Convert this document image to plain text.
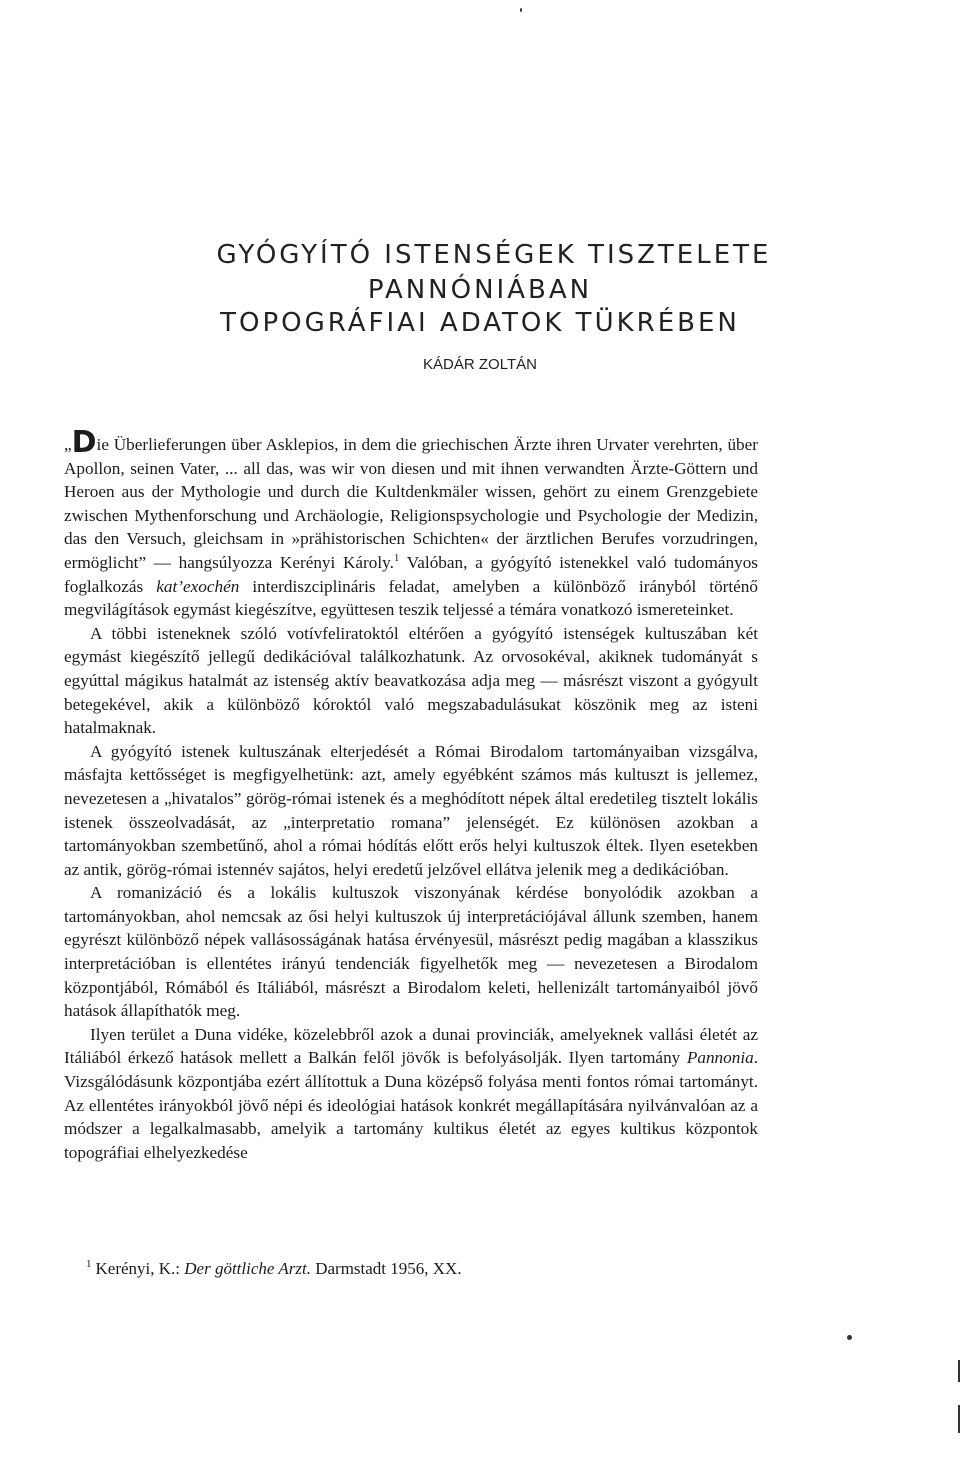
GYÓGYÍTÓ ISTENSÉGEK TISZTELETE
PANNÓNIÁBAN
TOPOGRÁFIAI ADATOK TÜKRÉBEN
KÁDÁR ZOLTÁN

„Die Überlieferungen über Asklepios, in dem die griechischen Ärzte ihren Urvater verehrten, über Apollon, seinen Vater, ... all das, was wir von diesen und mit ihnen verwandten Ärzte-Göttern und Heroen aus der Mythologie und durch die Kultdenkmäler wissen, gehört zu einem Grenzgebiete zwischen Mythenforschung und Archäologie, Religionspsychologie und Psychologie der Medizin, das den Versuch, gleichsam in »prähistorischen Schichten« der ärztlichen Berufes vorzudringen, ermöglicht” — hangsúlyozza Kerényi Károly.$^1$ Valóban, a gyógyító istenekkel való tudományos foglalkozás kat’exochén interdiszciplináris feladat, amelyben a különböző irányból történő megvilágítások egymást kiegészítve, együttesen teszik teljessé a témára vonatkozó ismereteinket.

A többi isteneknek szóló votívfeliratoktól eltérően a gyógyító istenségek kultuszában két egymást kiegészítő jellegű dedikációval találkozhatunk. Az orvosokéval, akiknek tudományát s egyúttal mágikus hatalmát az istenség aktív beavatkozása adja meg — másrészt viszont a gyógyult betegekével, akik a különböző kóroktól való megszabadulásukat köszönik meg az isteni hatalmaknak.

A gyógyító istenek kultuszának elterjedését a Római Birodalom tartományaiban vizsgálva, másfajta kettősséget is megfigyelhetünk: azt, amely egyébként számos más kultuszt is jellemez, nevezetesen a „hivatalos” görög-római istenek és a meghódított népek által eredetileg tisztelt lokális istenek összeolvadását, az „interpretatio romana” jelenségét. Ez különösen azokban a tartományokban szembetűnő, ahol a római hódítás előtt erős helyi kultuszok éltek. Ilyen esetekben az antik, görög-római istennév sajátos, helyi eredetű jelzővel ellátva jelenik meg a dedikációban.

A romanizáció és a lokális kultuszok viszonyának kérdése bonyolódik azokban a tartományokban, ahol nemcsak az ősi helyi kultuszok új interpretációjával állunk szemben, hanem egyrészt különböző népek vallásosságának hatása érvényesül, másrészt pedig magában a klasszikus interpretációban is ellentétes irányú tendenciák figyelhetők meg — nevezetesen a Birodalom központjából, Rómából és Itáliából, másrészt a Birodalom keleti, hellenizált tartományaiból jövő hatások állapíthatók meg.

Ilyen terület a Duna vidéke, közelebbről azok a dunai provinciák, amelyeknek vallási életét az Itáliából érkező hatások mellett a Balkán felől jövők is befolyásolják. Ilyen tartomány Pannonia. Vizsgálódásunk központjába ezért állítottuk a Duna középső folyása menti fontos római tartományt. Az ellentétes irányokból jövő népi és ideológiai hatások konkrét megállapítására nyilvánvalóan az a módszer a legalkalmasabb, amelyik a tartomány kultikus életét az egyes kultikus központok topográfiai elhelyezkedése

$^1$ Kerényi, K.: Der göttliche Arzt. Darmstadt 1956, XX.
